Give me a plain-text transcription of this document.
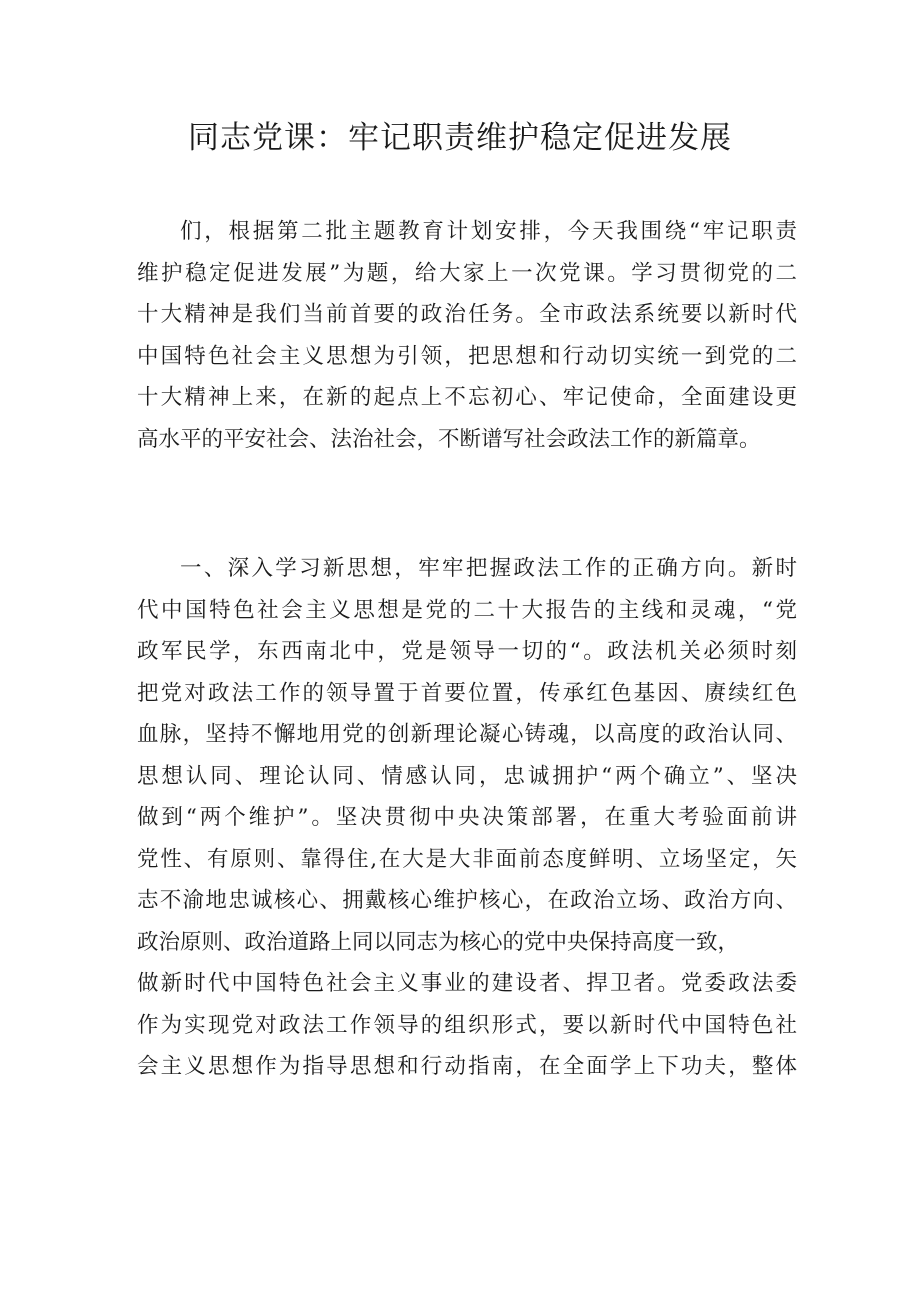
同志党课：牢记职责维护稳定促进发展
们，根据第二批主题教育计划安排，今天我围绕“牢记职责
维护稳定促进发展”为题，给大家上一次党课。学习贯彻党的二
十大精神是我们当前首要的政治任务。全市政法系统要以新时代
中国特色社会主义思想为引领，把思想和行动切实统一到党的二
十大精神上来，在新的起点上不忘初心、牢记使命，全面建设更
高水平的平安社会、法治社会，不断谱写社会政法工作的新篇章。
一、深入学习新思想，牢牢把握政法工作的正确方向。新时
代中国特色社会主义思想是党的二十大报告的主线和灵魂，“党
政军民学，东西南北中，党是领导一切的“。政法机关必须时刻
把党对政法工作的领导置于首要位置，传承红色基因、赓续红色
血脉，坚持不懈地用党的创新理论凝心铸魂，以高度的政治认同、
思想认同、理论认同、情感认同，忠诚拥护“两个确立”、坚决
做到“两个维护”。坚决贯彻中央决策部署，在重大考验面前讲
党性、有原则、靠得住,在大是大非面前态度鲜明、立场坚定，矢
志不渝地忠诚核心、拥戴核心维护核心，在政治立场、政治方向、
政治原则、政治道路上同以同志为核心的党中央保持高度一致，
做新时代中国特色社会主义事业的建设者、捍卫者。党委政法委
作为实现党对政法工作领导的组织形式，要以新时代中国特色社
会主义思想作为指导思想和行动指南，在全面学上下功夫，整体
